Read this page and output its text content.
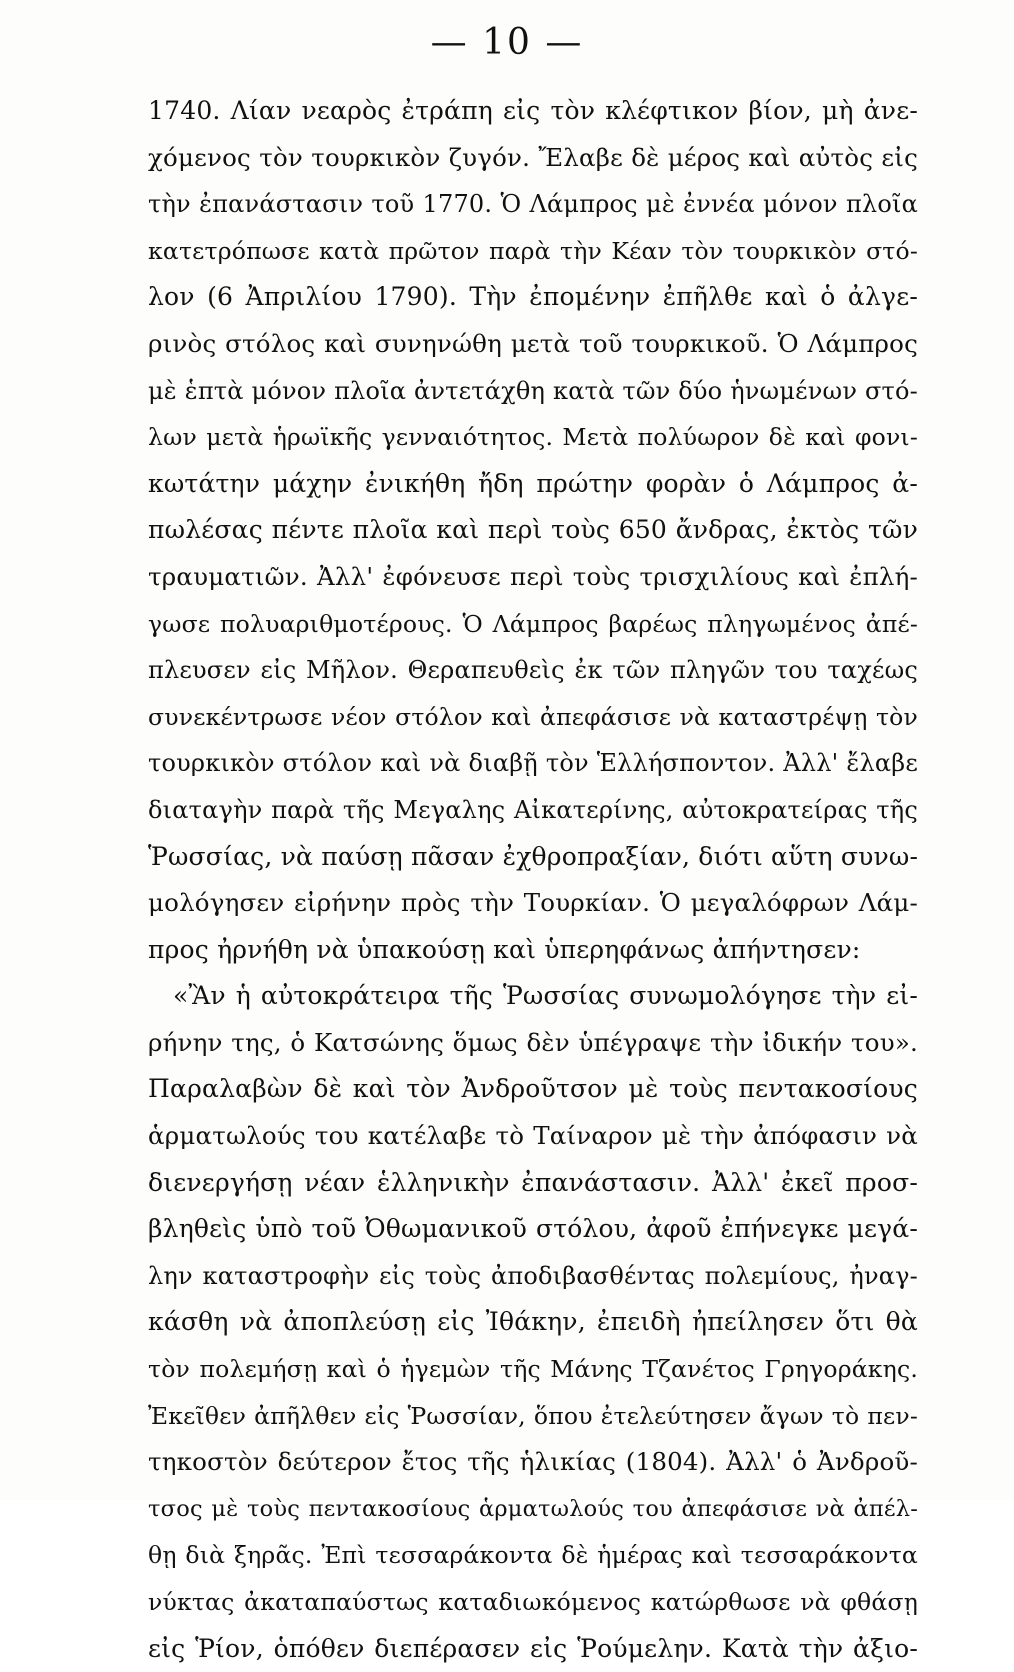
— 10 —
1740. Λίαν νεαρὸς ἐτράπη εἰς τὸν κλέφτικον βίον, μὴ ἀνε-
χόμενος τὸν τουρκικὸν ζυγόν. Ἔλαβε δὲ μέρος καὶ αὐτὸς εἰς
τὴν ἐπανάστασιν τοῦ 1770. Ὁ Λάμπρος μὲ ἐννέα μόνον πλοῖα
κατετρόπωσε κατὰ πρῶτον παρὰ τὴν Κέαν τὸν τουρκικὸν στό-
λον (6 Ἀπριλίου 1790). Τὴν ἐπομένην ἐπῆλθε καὶ ὁ ἀλγε-
ρινὸς στόλος καὶ συνηνώθη μετὰ τοῦ τουρκικοῦ. Ὁ Λάμπρος
μὲ ἑπτὰ μόνον πλοῖα ἀντετάχθη κατὰ τῶν δύο ἡνωμένων στό-
λων μετὰ ἡρωϊκῆς γενναιότητος. Μετὰ πολύωρον δὲ καὶ φονι-
κωτάτην μάχην ἐνικήθη ἤδη πρώτην φορὰν ὁ Λάμπρος ἀ-
πωλέσας πέντε πλοῖα καὶ περὶ τοὺς 650 ἄνδρας, ἐκτὸς τῶν
τραυματιῶν. Ἀλλ' ἐφόνευσε περὶ τοὺς τρισχιλίους καὶ ἐπλή-
γωσε πολυαριθμοτέρους. Ὁ Λάμπρος βαρέως πληγωμένος ἀπέ-
πλευσεν εἰς Μῆλον. Θεραπευθεὶς ἐκ τῶν πληγῶν του ταχέως
συνεκέντρωσε νέον στόλον καὶ ἀπεφάσισε νὰ καταστρέψῃ τὸν
τουρκικὸν στόλον καὶ νὰ διαβῇ τὸν Ἑλλήσποντον. Ἀλλ' ἔλαβε
διαταγὴν παρὰ τῆς Μεγαλης Αἰκατερίνης, αὐτοκρατείρας τῆς
Ῥωσσίας, νὰ παύσῃ πᾶσαν ἐχθροπραξίαν, διότι αὕτη συνω-
μολόγησεν εἰρήνην πρὸς τὴν Τουρκίαν. Ὁ μεγαλόφρων Λάμ-
προς ἠρνήθη νὰ ὑπακούσῃ καὶ ὑπερηφάνως ἀπήντησεν:
«Ἂν ἡ αὐτοκράτειρα τῆς Ῥωσσίας συνωμολόγησε τὴν εἰ-
ρήνην της, ὁ Κατσώνης ὅμως δὲν ὑπέγραψε τὴν ἰδικήν του».
Παραλαβὼν δὲ καὶ τὸν Ἀνδροῦτσον μὲ τοὺς πεντακοσίους
ἁρματωλούς του κατέλαβε τὸ Ταίναρον μὲ τὴν ἀπόφασιν νὰ
διενεργήσῃ νέαν ἑλληνικὴν ἐπανάστασιν. Ἀλλ' ἐκεῖ προσ-
βληθεὶς ὑπὸ τοῦ Ὀθωμανικοῦ στόλου, ἀφοῦ ἐπήνεγκε μεγά-
λην καταστροφὴν εἰς τοὺς ἀποδιβασθέντας πολεμίους, ἠναγ-
κάσθη νὰ ἀποπλεύσῃ εἰς Ἰθάκην, ἐπειδὴ ἠπείλησεν ὅτι θὰ
τὸν πολεμήσῃ καὶ ὁ ἡγεμὼν τῆς Μάνης Τζανέτος Γρηγοράκης.
Ἐκεῖθεν ἀπῆλθεν εἰς Ῥωσσίαν, ὅπου ἐτελεύτησεν ἄγων τὸ πεν-
τηκοστὸν δεύτερον ἔτος τῆς ἡλικίας (1804). Ἀλλ' ὁ Ἀνδροῦ-
τσος μὲ τοὺς πεντακοσίους ἁρματωλούς του ἀπεφάσισε νὰ ἀπέλ-
θῃ διὰ ξηρᾶς. Ἐπὶ τεσσαράκοντα δὲ ἡμέρας καὶ τεσσαράκοντα
νύκτας ἀκαταπαύστως καταδιωκόμενος κατώρθωσε νὰ φθάσῃ
εἰς Ῥίον, ὁπόθεν διεπέρασεν εἰς Ῥούμελην. Κατὰ τὴν ἀξιο-
